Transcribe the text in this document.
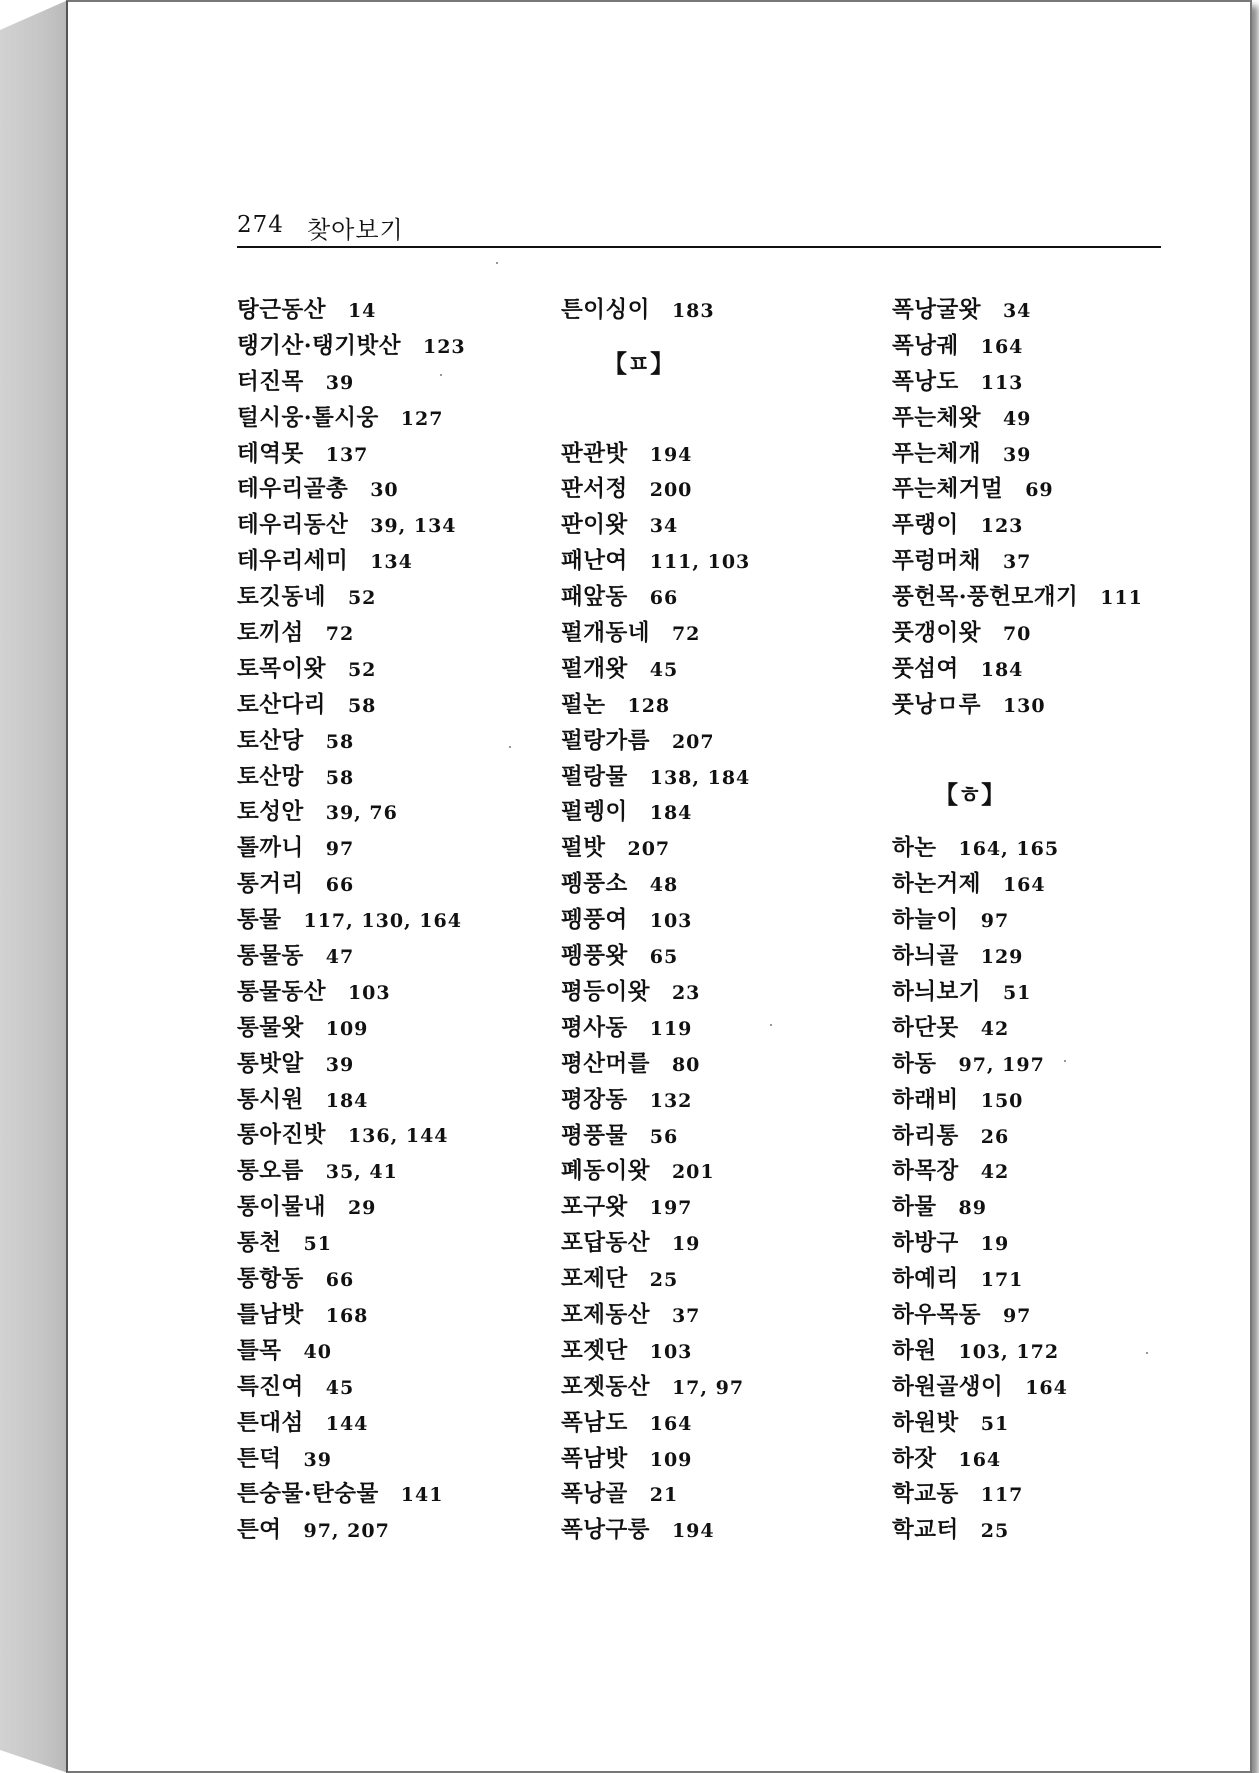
274 찾아보기
탕근동산 14
탱기산·탱기밧산 123
터진목 39
털시웅·톨시웅 127
테역못 137
테우리골총 30
테우리동산 39, 134
테우리세미 134
토깃동네 52
토끼섬 72
토목이왓 52
토산다리 58
토산당 58
토산망 58
토성안 39, 76
톨까니 97
통거리 66
통물 117, 130, 164
통물동 47
통물동산 103
통물왓 109
통밧알 39
통시원 184
통아진밧 136, 144
통오름 35, 41
통이물내 29
통천 51
통항동 66
틀남밧 168
틀목 40
특진여 45
튼대섬 144
튼덕 39
튼숭물·탄숭물 141
튼여 97, 207
튼이싱이 183
【ㅍ】
판관밧 194
판서정 200
판이왓 34
패난여 111, 103
패앞동 66
펄개동네 72
펄개왓 45
펄논 128
펄랑가름 207
펄랑물 138, 184
펄렝이 184
펄밧 207
펭풍소 48
펭풍여 103
펭풍왓 65
평등이왓 23
평사동 119
평산머를 80
평장동 132
평풍물 56
폐동이왓 201
포구왓 197
포답동산 19
포제단 25
포제동산 37
포젯단 103
포젯동산 17, 97
폭남도 164
폭남밧 109
폭낭골 21
폭낭구룽 194
폭낭굴왓 34
폭낭궤 164
폭낭도 113
푸는체왓 49
푸는체개 39
푸는체거멀 69
푸랭이 123
푸렁머채 37
풍헌목·풍헌모개기 111
풋갱이왓 70
풋섬여 184
풋낭ㅁ루 130
【ㅎ】
하논 164, 165
하논거제 164
하늘이 97
하늬골 129
하늬보기 51
하단못 42
하동 97, 197
하래비 150
하리통 26
하목장 42
하물 89
하방구 19
하예리 171
하우목동 97
하원 103, 172
하원골생이 164
하원밧 51
하잣 164
학교동 117
학교터 25
